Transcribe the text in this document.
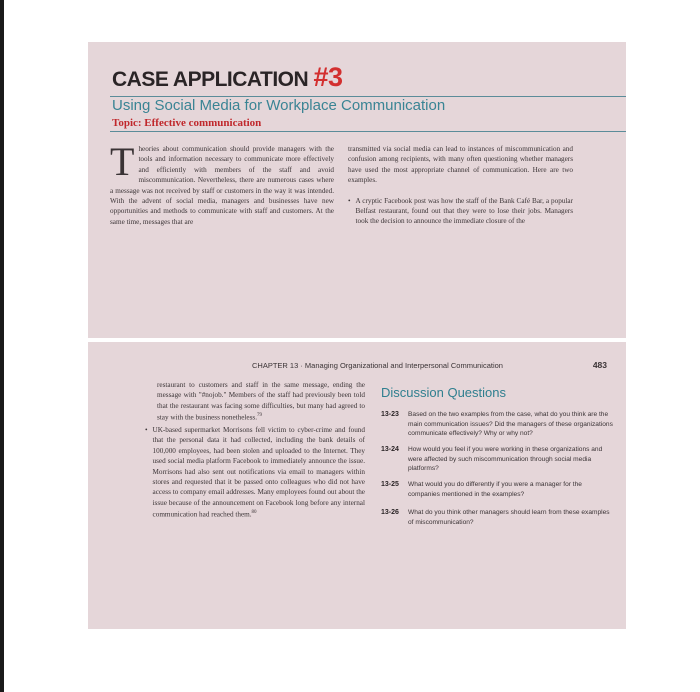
CASE APPLICATION #3
Using Social Media for Workplace Communication
Topic: Effective communication
Theories about communication should provide managers with the tools and information necessary to communicate more effectively and efficiently with members of the staff and avoid miscommunication. Nevertheless, there are numerous cases where a message was not received by staff or customers in the way it was intended. With the advent of social media, managers and businesses have new opportunities and methods to communicate with staff and customers. At the same time, messages that are
transmitted via social media can lead to instances of miscommunication and confusion among recipients, with many often questioning whether managers have used the most appropriate channel of communication. Here are two examples.
• A cryptic Facebook post was how the staff of the Bank Café Bar, a popular Belfast restaurant, found out that they were to lose their jobs. Managers took the decision to announce the immediate closure of the
CHAPTER 13 · Managing Organizational and Interpersonal Communication	483
restaurant to customers and staff in the same message, ending the message with "#nojob." Members of the staff had previously been told that the restaurant was facing some difficulties, but many had agreed to stay with the business nonetheless.$^{79}$
• UK-based supermarket Morrisons fell victim to cyber-crime and found that the personal data it had collected, including the bank details of 100,000 employees, had been stolen and uploaded to the Internet. They used social media platform Facebook to immediately announce the issue. Morrisons had also sent out notifications via email to managers within stores and requested that it be passed onto colleagues who did not have access to company email addresses. Many employees found out about the issue because of the announcement on Facebook long before any internal communication had reached them.$^{80}$
Discussion Questions
13-23 Based on the two examples from the case, what do you think are the main communication issues? Did the managers of these organizations communicate effectively? Why or why not?
13-24 How would you feel if you were working in these organizations and were affected by such miscommunication through social media platforms?
13-25 What would you do differently if you were a manager for the companies mentioned in the examples?
13-26 What do you think other managers should learn from these examples of miscommunication?
